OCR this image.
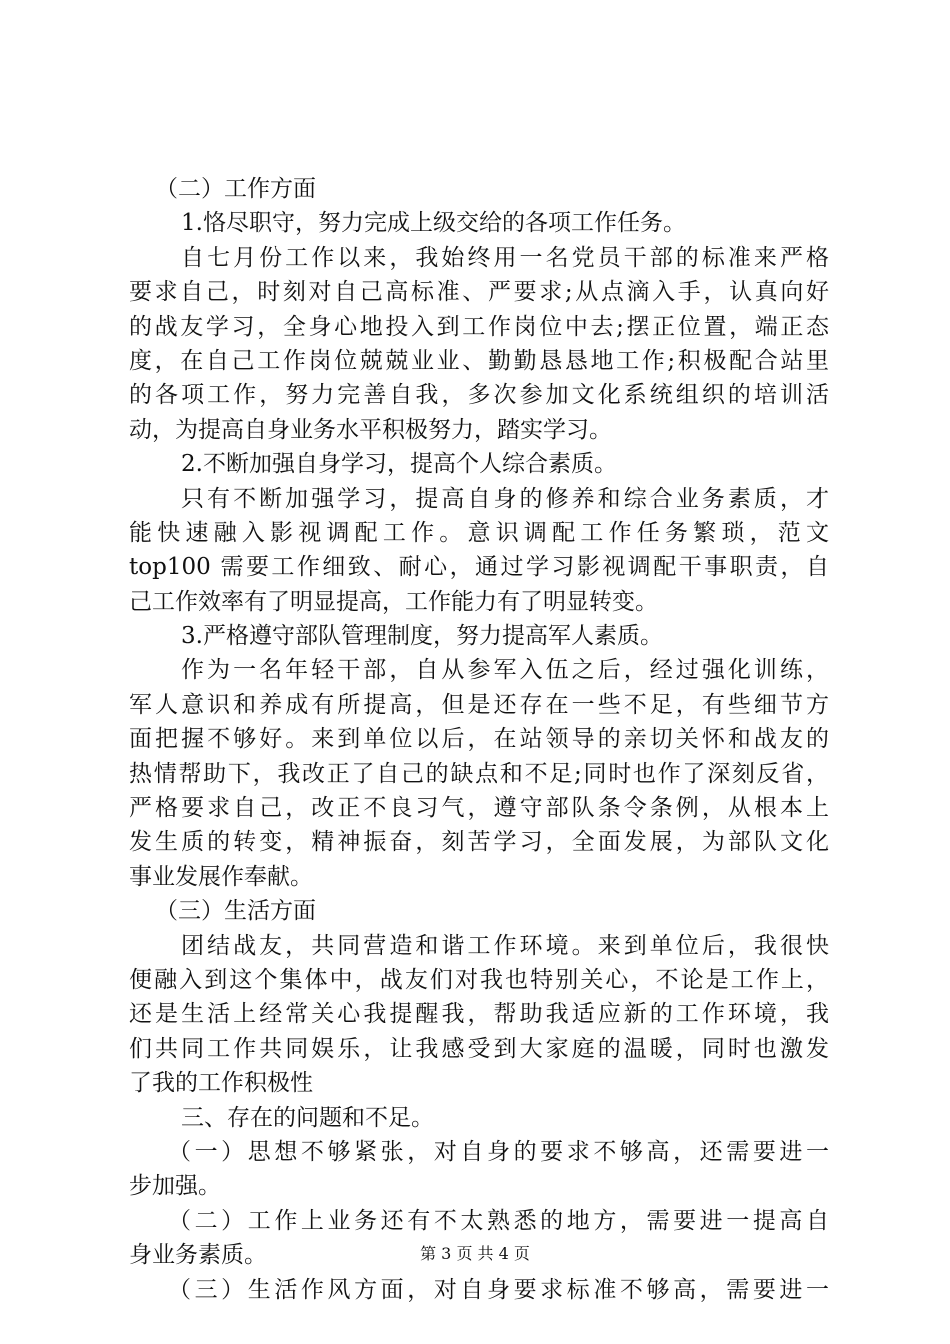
（二）工作方面
1.恪尽职守，努力完成上级交给的各项工作任务。
自七月份工作以来，我始终用一名党员干部的标准来严格
要求自己，时刻对自己高标准、严要求;从点滴入手，认真向好
的战友学习，全身心地投入到工作岗位中去;摆正位置，端正态
度，在自己工作岗位兢兢业业、勤勤恳恳地工作;积极配合站里
的各项工作，努力完善自我，多次参加文化系统组织的培训活
动，为提高自身业务水平积极努力，踏实学习。
2.不断加强自身学习，提高个人综合素质。
只有不断加强学习，提高自身的修养和综合业务素质，才
能快速融入影视调配工作。意识调配工作任务繁琐，范文
top100 需要工作细致、耐心，通过学习影视调配干事职责，自
己工作效率有了明显提高，工作能力有了明显转变。
3.严格遵守部队管理制度，努力提高军人素质。
作为一名年轻干部，自从参军入伍之后，经过强化训练，
军人意识和养成有所提高，但是还存在一些不足，有些细节方
面把握不够好。来到单位以后，在站领导的亲切关怀和战友的
热情帮助下，我改正了自己的缺点和不足;同时也作了深刻反省，
严格要求自己，改正不良习气，遵守部队条令条例，从根本上
发生质的转变，精神振奋，刻苦学习，全面发展，为部队文化
事业发展作奉献。
（三）生活方面
团结战友，共同营造和谐工作环境。来到单位后，我很快
便融入到这个集体中，战友们对我也特别关心，不论是工作上，
还是生活上经常关心我提醒我，帮助我适应新的工作环境，我
们共同工作共同娱乐，让我感受到大家庭的温暖，同时也激发
了我的工作积极性
三、存在的问题和不足。
（一）思想不够紧张，对自身的要求不够高，还需要进一
步加强。
（二）工作上业务还有不太熟悉的地方，需要进一提高自
身业务素质。
（三）生活作风方面，对自身要求标准不够高，需要进一
第 3 页 共 4 页
